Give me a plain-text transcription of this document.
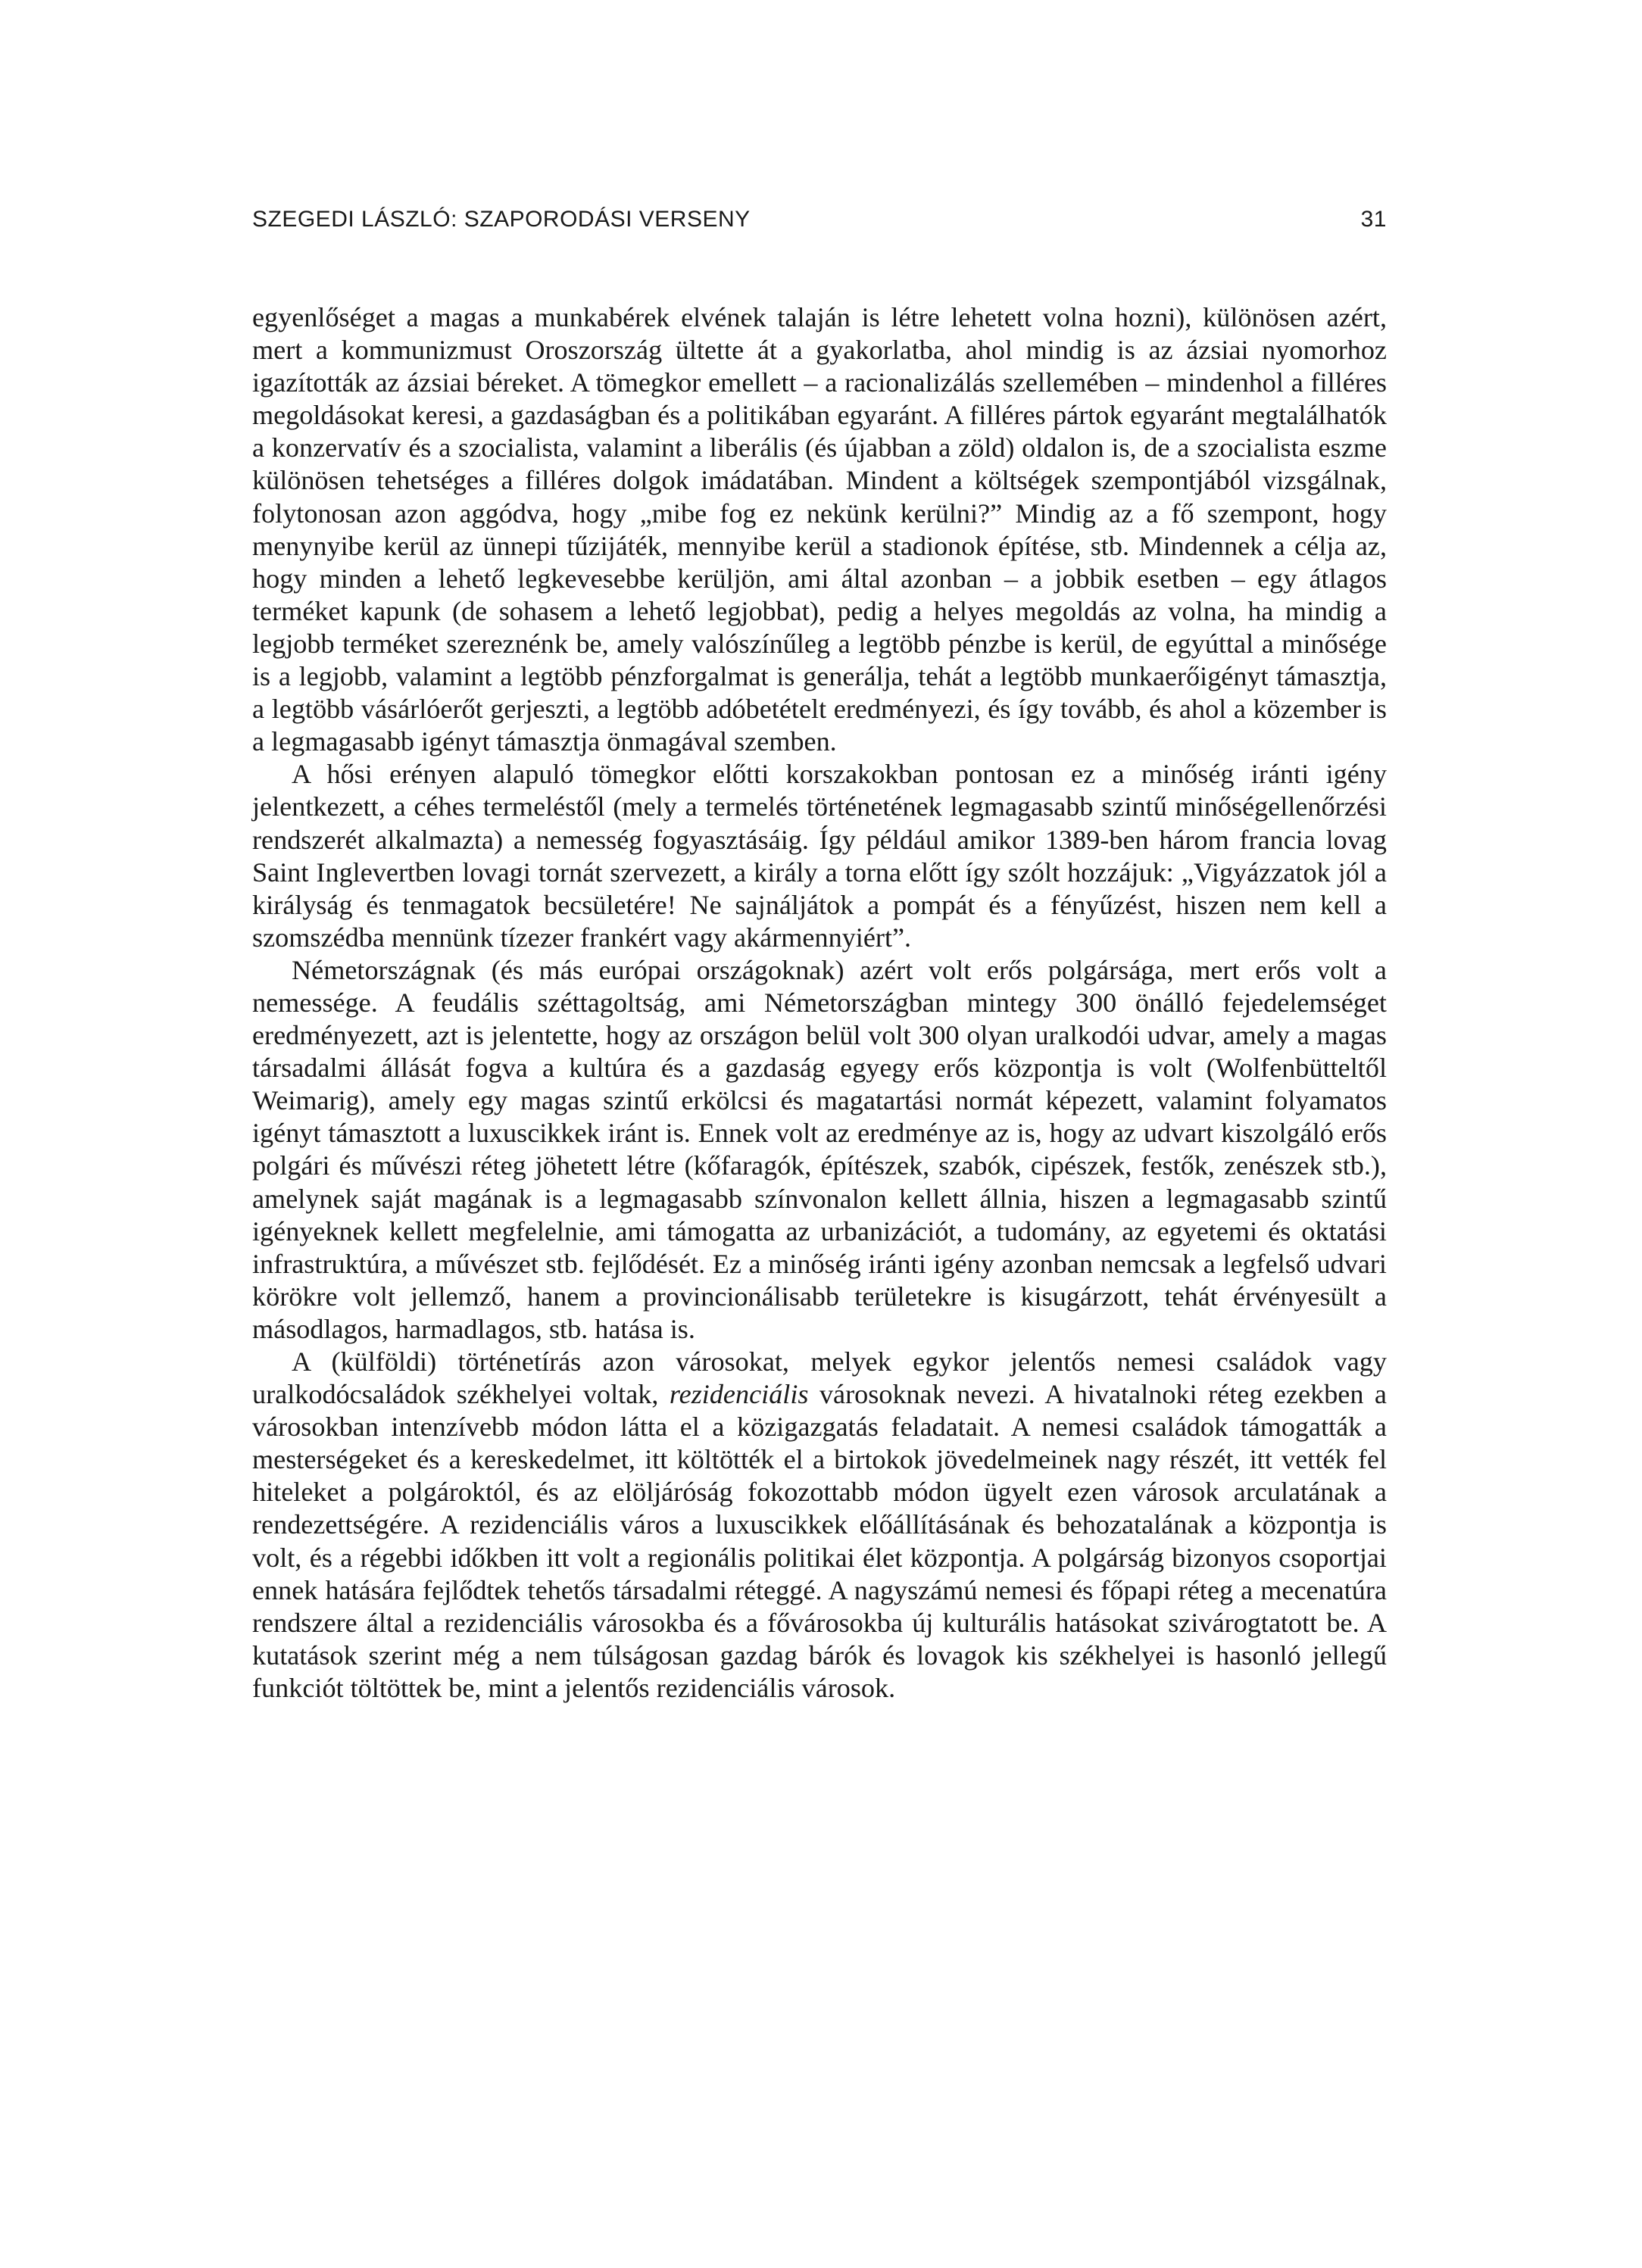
SZEGEDI LÁSZLÓ: SZAPORODÁSI VERSENY	31

egyenlőséget a magas a munkabérek elvének talaján is létre lehetett volna hozni), különösen azért, mert a kommunizmust Oroszország ültette át a gyakorlatba, ahol mindig is az ázsiai nyomorhoz igazították az ázsiai béreket. A tömegkor emellett – a racionalizálás szellemében – mindenhol a filléres megoldásokat keresi, a gazdaságban és a politikában egyaránt. A filléres pártok egyaránt megtalálhatók a konzervatív és a szocialista, valamint a liberális (és újabban a zöld) oldalon is, de a szocialista eszme különösen tehetséges a filléres dolgok imádatában. Mindent a költségek szempontjából vizsgálnak, folytonosan azon aggódva, hogy „mibe fog ez nekünk kerülni?” Mindig az a fő szempont, hogy menynyibe kerül az ünnepi tűzijáték, mennyibe kerül a stadionok építése, stb. Mindennek a célja az, hogy minden a lehető legkevesebbe kerüljön, ami által azonban – a jobbik esetben – egy átlagos terméket kapunk (de sohasem a lehető legjobbat), pedig a helyes megoldás az volna, ha mindig a legjobb terméket szereznénk be, amely valószínűleg a legtöbb pénzbe is kerül, de egyúttal a minősége is a legjobb, valamint a legtöbb pénzforgalmat is generálja, tehát a legtöbb munkaerőigényt támasztja, a legtöbb vásárlóerőt gerjeszti, a legtöbb adóbetételt eredményezi, és így tovább, és ahol a közember is a legmagasabb igényt támasztja önmagával szemben.

A hősi erényen alapuló tömegkor előtti korszakokban pontosan ez a minőség iránti igény jelentkezett, a céhes termeléstől (mely a termelés történetének legmagasabb szintű minőségellenőrzési rendszerét alkalmazta) a nemesség fogyasztásáig. Így például amikor 1389-ben három francia lovag Saint Inglevertben lovagi tornát szervezett, a király a torna előtt így szólt hozzájuk: „Vigyázzatok jól a királyság és tenmagatok becsületére! Ne sajnáljátok a pompát és a fényűzést, hiszen nem kell a szomszédba mennünk tízezer frankért vagy akármennyiért”.

Németországnak (és más európai országoknak) azért volt erős polgársága, mert erős volt a nemessége. A feudális széttagoltság, ami Németországban mintegy 300 önálló fejedelemséget eredményezett, azt is jelentette, hogy az országon belül volt 300 olyan uralkodói udvar, amely a magas társadalmi állását fogva a kultúra és a gazdaság egyegy erős központja is volt (Wolfenbütteltől Weimarig), amely egy magas szintű erkölcsi és magatartási normát képezett, valamint folyamatos igényt támasztott a luxuscikkek iránt is. Ennek volt az eredménye az is, hogy az udvart kiszolgáló erős polgári és művészi réteg jöhetett létre (kőfaragók, építészek, szabók, cipészek, festők, zenészek stb.), amelynek saját magának is a legmagasabb színvonalon kellett állnia, hiszen a legmagasabb szintű igényeknek kellett megfelelnie, ami támogatta az urbanizációt, a tudomány, az egyetemi és oktatási infrastruktúra, a művészet stb. fejlődését. Ez a minőség iránti igény azonban nemcsak a legfelső udvari körökre volt jellemző, hanem a provincionálisabb területekre is kisugárzott, tehát érvényesült a másodlagos, harmadlagos, stb. hatása is.

A (külföldi) történetírás azon városokat, melyek egykor jelentős nemesi családok vagy uralkodócsaládok székhelyei voltak, rezidenciális városoknak nevezi. A hivatalnoki réteg ezekben a városokban intenzívebb módon látta el a közigazgatás feladatait. A nemesi családok támogatták a mesterségeket és a kereskedelmet, itt költötték el a birtokok jövedelmeinek nagy részét, itt vették fel hiteleket a polgároktól, és az elöljáróság fokozottabb módon ügyelt ezen városok arculatának a rendezettségére. A rezidenciális város a luxuscikkek előállításának és behozatalának a központja is volt, és a régebbi időkben itt volt a regionális politikai élet központja. A polgárság bizonyos csoportjai ennek hatására fejlődtek tehetős társadalmi réteggé. A nagyszámú nemesi és főpapi réteg a mecenatúra rendszere által a rezidenciális városokba és a fővárosokba új kulturális hatásokat szivárogtatott be. A kutatások szerint még a nem túlságosan gazdag bárók és lovagok kis székhelyei is hasonló jellegű funkciót töltöttek be, mint a jelentős rezidenciális városok.
